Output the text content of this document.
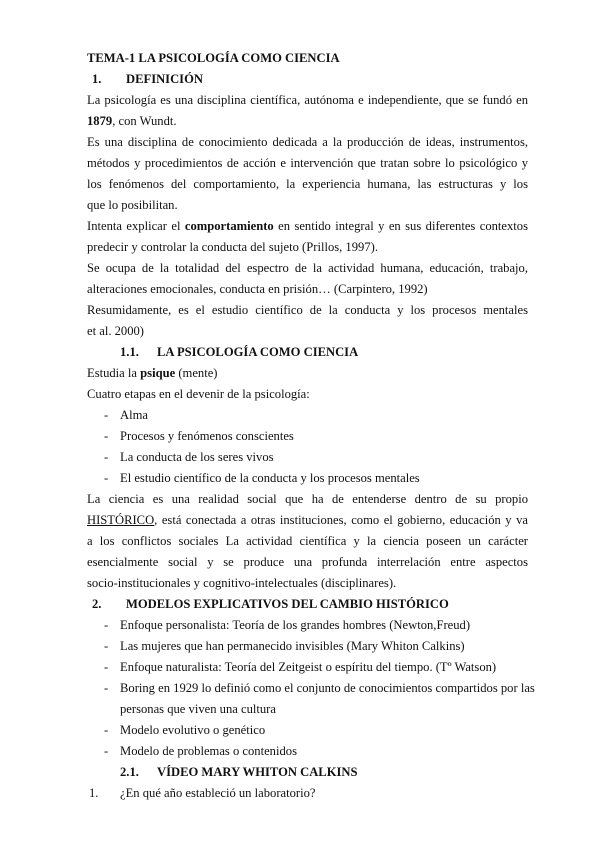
TEMA-1 LA PSICOLOGÍA COMO CIENCIA
1. DEFINICIÓN
La psicología es una disciplina científica, autónoma e independiente, que se fundó en
1879, con Wundt.
Es una disciplina de conocimiento dedicada a la producción de ideas, instrumentos,
métodos y procedimientos de acción e intervención que tratan sobre lo psicológico y
los fenómenos del comportamiento, la experiencia humana, las estructuras y los
que lo posibilitan.
Intenta explicar el comportamiento en sentido integral y en sus diferentes contextos
predecir y controlar la conducta del sujeto (Prillos, 1997).
Se ocupa de la totalidad del espectro de la actividad humana, educación, trabajo,
alteraciones emocionales, conducta en prisión… (Carpintero, 1992)
Resumidamente, es el estudio científico de la conducta y los procesos mentales
et al. 2000)
1.1. LA PSICOLOGÍA COMO CIENCIA
Estudia la psique (mente)
Cuatro etapas en el devenir de la psicología:
- Alma
- Procesos y fenómenos conscientes
- La conducta de los seres vivos
- El estudio científico de la conducta y los procesos mentales
La ciencia es una realidad social que ha de entenderse dentro de su propio
HISTÓRICO, está conectada a otras instituciones, como el gobierno, educación y va
a los conflictos sociales La actividad científica y la ciencia poseen un carácter
esencialmente social y se produce una profunda interrelación entre aspectos
socio-institucionales y cognitivo-intelectuales (disciplinares).
2. MODELOS EXPLICATIVOS DEL CAMBIO HISTÓRICO
- Enfoque personalista: Teoría de los grandes hombres (Newton,Freud)
- Las mujeres que han permanecido invisibles (Mary Whiton Calkins)
- Enfoque naturalista: Teoría del Zeitgeist o espíritu del tiempo. (Tº Watson)
- Boring en 1929 lo definió como el conjunto de conocimientos compartidos por las
personas que viven una cultura
- Modelo evolutivo o genético
- Modelo de problemas o contenidos
2.1. VÍDEO MARY WHITON CALKINS
1. ¿En qué año estableció un laboratorio?
